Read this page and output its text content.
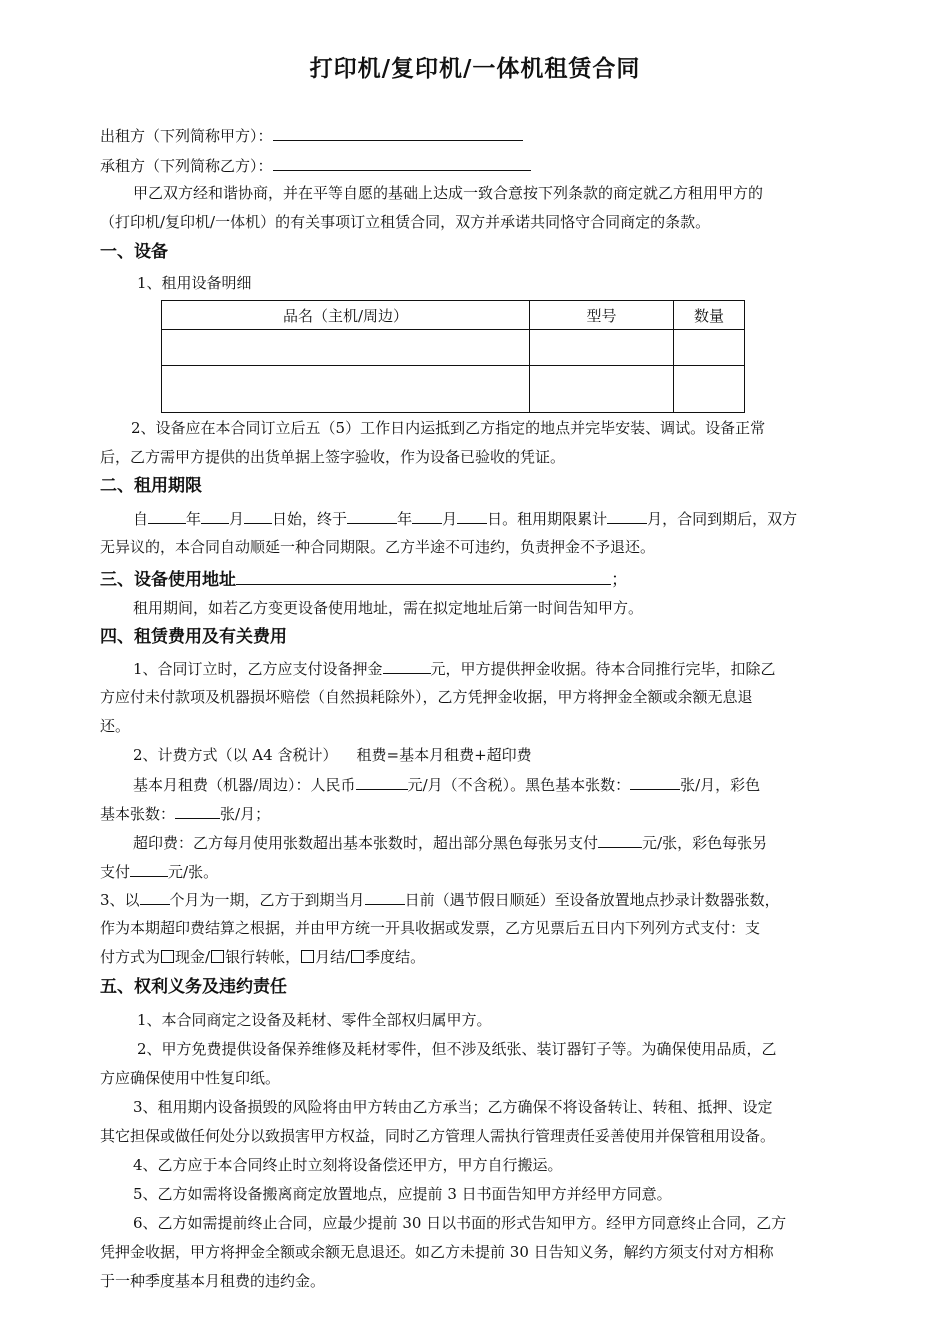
打印机/复印机/一体机租赁合同
出租方（下列简称甲方）：
承租方（下列简称乙方）：
甲乙双方经和谐协商，并在平等自愿的基础上达成一致合意按下列条款的商定就乙方租用甲方的
（打印机/复印机/一体机）的有关事项订立租赁合同，双方并承诺共同恪守合同商定的条款。
一、设备
1、租用设备明细
品名（主机/周边）	型号	数量

2、设备应在本合同订立后五（5）工作日内运抵到乙方指定的地点并完毕安装、调试。设备正常
后，乙方需甲方提供的出货单据上签字验收，作为设备已验收的凭证。
二、租用期限
自	年 月 日始，终于	年 月 日。租用期限累计	月，合同到期后，双方
无异议的，本合同自动顺延一种合同期限。乙方半途不可违约，负责押金不予退还。
三、设备使用地址	；
租用期间，如若乙方变更设备使用地址，需在拟定地址后第一时间告知甲方。
四、租赁费用及有关费用
1、合同订立时，乙方应支付设备押金	元，甲方提供押金收据。待本合同推行完毕，扣除乙
方应付未付款项及机器损坏赔偿（自然损耗除外），乙方凭押金收据，甲方将押金全额或余额无息退
还。
2、计费方式（以 A4 含税计）    租费=基本月租费+超印费
基本月租费（机器/周边）：人民币	元/月（不含税）。黑色基本张数：	张/月，彩色
基本张数：	张/月；
超印费：乙方每月使用张数超出基本张数时，超出部分黑色每张另支付	元/张，彩色每张另
支付	元/张。
3、以 个月为一期，乙方于到期当月	日前（遇节假日顺延）至设备放置地点抄录计数器张数，
作为本期超印费结算之根据，并由甲方统一开具收据或发票，乙方见票后五日内下列列方式支付：支
付方式为 现金/ 银行转帐， 月结/ 季度结。
五、权利义务及违约责任
1、本合同商定之设备及耗材、零件全部权归属甲方。
2、甲方免费提供设备保养维修及耗材零件，但不涉及纸张、装订器钉子等。为确保使用品质，乙
方应确保使用中性复印纸。
3、租用期内设备损毁的风险将由甲方转由乙方承当；乙方确保不将设备转让、转租、抵押、设定
其它担保或做任何处分以致损害甲方权益，同时乙方管理人需执行管理责任妥善使用并保管租用设备。
4、乙方应于本合同终止时立刻将设备偿还甲方，甲方自行搬运。
5、乙方如需将设备搬离商定放置地点，应提前 3 日书面告知甲方并经甲方同意。
6、乙方如需提前终止合同，应最少提前 30 日以书面的形式告知甲方。经甲方同意终止合同，乙方
凭押金收据，甲方将押金全额或余额无息退还。如乙方未提前 30 日告知义务，解约方须支付对方相称
于一种季度基本月租费的违约金。
